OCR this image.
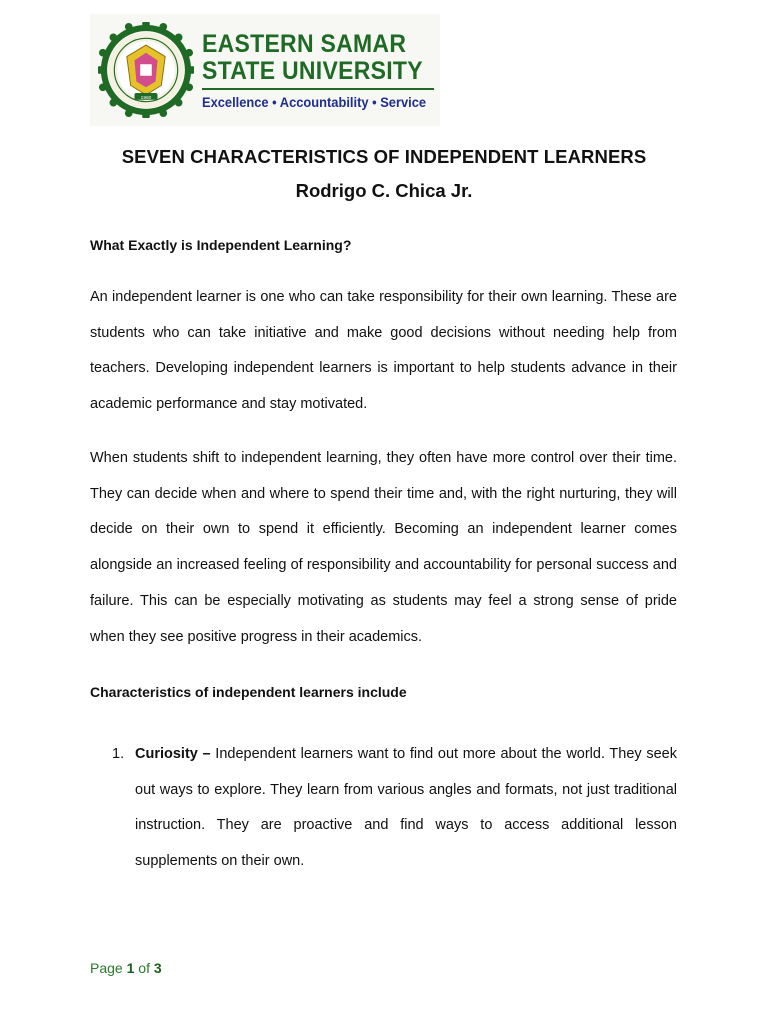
1960
EASTERN SAMAR
STATE UNIVERSITY
Excellence • Accountability • Service
SEVEN CHARACTERISTICS OF INDEPENDENT LEARNERS
Rodrigo C. Chica Jr.
What Exactly is Independent Learning?

An independent learner is one who can take responsibility for their own learning. These are students who can take initiative and make good decisions without needing help from teachers. Developing independent learners is important to help students advance in their academic performance and stay motivated.

When students shift to independent learning, they often have more control over their time. They can decide when and where to spend their time and, with the right nurturing, they will decide on their own to spend it efficiently. Becoming an independent learner comes alongside an increased feeling of responsibility and accountability for personal success and failure. This can be especially motivating as students may feel a strong sense of pride when they see positive progress in their academics.

Characteristics of independent learners include
1. Curiosity – Independent learners want to find out more about the world. They seek out ways to explore. They learn from various angles and formats, not just traditional instruction. They are proactive and find ways to access additional lesson supplements on their own.
Page 1 of 3
